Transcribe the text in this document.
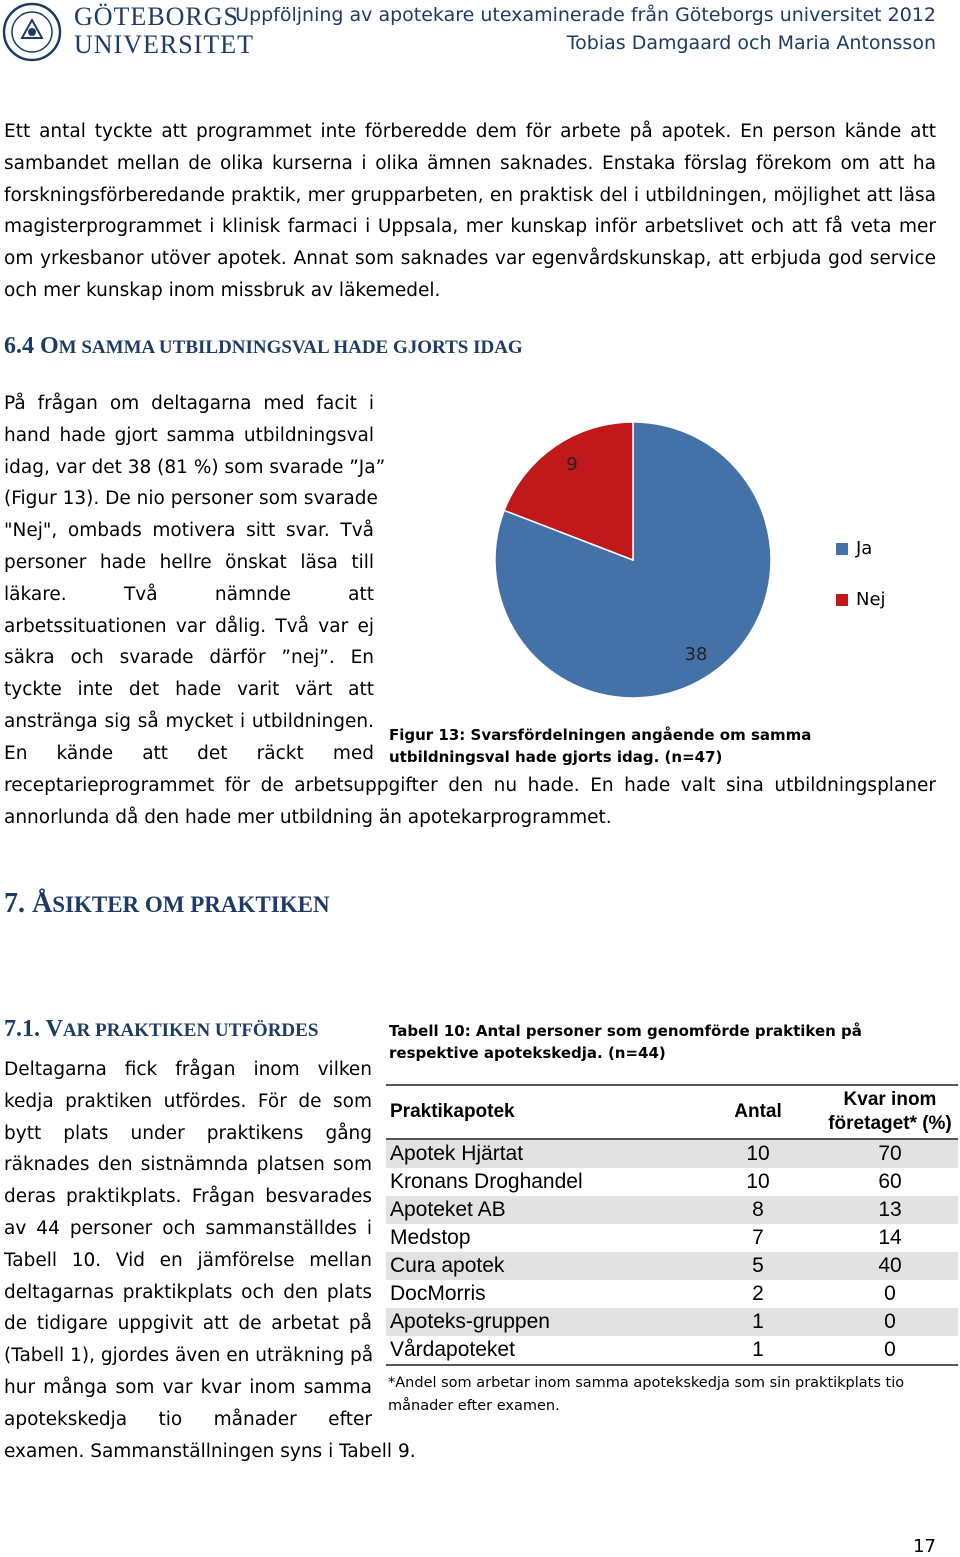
GÖTEBORGS
UNIVERSITET
Uppföljning av apotekare utexaminerade från Göteborgs universitet 2012
Tobias Damgaard och Maria Antonsson
Ett antal tyckte att programmet inte förberedde dem för arbete på apotek. En person kände att sambandet mellan de olika kurserna i olika ämnen saknades. Enstaka förslag förekom om att ha forskningsförberedande praktik, mer grupparbeten, en praktisk del i utbildningen, möjlighet att läsa magisterprogrammet i klinisk farmaci i Uppsala, mer kunskap inför arbetslivet och att få veta mer om yrkesbanor utöver apotek. Annat som saknades var egenvårdskunskap, att erbjuda god service och mer kunskap inom missbruk av läkemedel.
6.4 OM SAMMA UTBILDNINGSVAL HADE GJORTS IDAG
På frågan om deltagarna med facit i
hand hade gjort samma utbildningsval
idag, var det 38 (81 %) som svarade ”Ja”
(Figur 13). De nio personer som svarade
"Nej", ombads motivera sitt svar. Två
personer hade hellre önskat läsa till
läkare. Två nämnde att
arbetssituationen var dålig. Två var ej
säkra och svarade därför ”nej”. En
tyckte inte det hade varit värt att
anstränga sig så mycket i utbildningen.
En kände att det räckt med
receptarieprogrammet för de arbetsuppgifter den nu hade. En hade valt sina utbildningsplaner
annorlunda då den hade mer utbildning än apotekarprogrammet.
38
9
Ja
Nej
Figur 13: Svarsfördelningen angående om samma utbildningsval hade gjorts idag. (n=47)
7. ÅSIKTER OM PRAKTIKEN
7.1. VAR PRAKTIKEN UTFÖRDES
Deltagarna fick frågan inom vilken
kedja praktiken utfördes. För de som
bytt plats under praktikens gång
räknades den sistnämnda platsen som
deras praktikplats. Frågan besvarades
av 44 personer och sammanställdes i
Tabell 10. Vid en jämförelse mellan
deltagarnas praktikplats och den plats
de tidigare uppgivit att de arbetat på
(Tabell 1), gjordes även en uträkning på
hur många som var kvar inom samma
apotekskedja tio månader efter
examen. Sammanställningen syns i Tabell 9.
Tabell 10: Antal personer som genomförde praktiken på respektive apotekskedja. (n=44)
Praktikapotek	Antal	Kvar inom företaget* (%)
Apotek Hjärtat	10	70
Kronans Droghandel	10	60
Apoteket AB	8	13
Medstop	7	14
Cura apotek	5	40
DocMorris	2	0
Apoteks-gruppen	1	0
Vårdapoteket	1	0
*Andel som arbetar inom samma apotekskedja som sin praktikplats tio månader efter examen.
17
